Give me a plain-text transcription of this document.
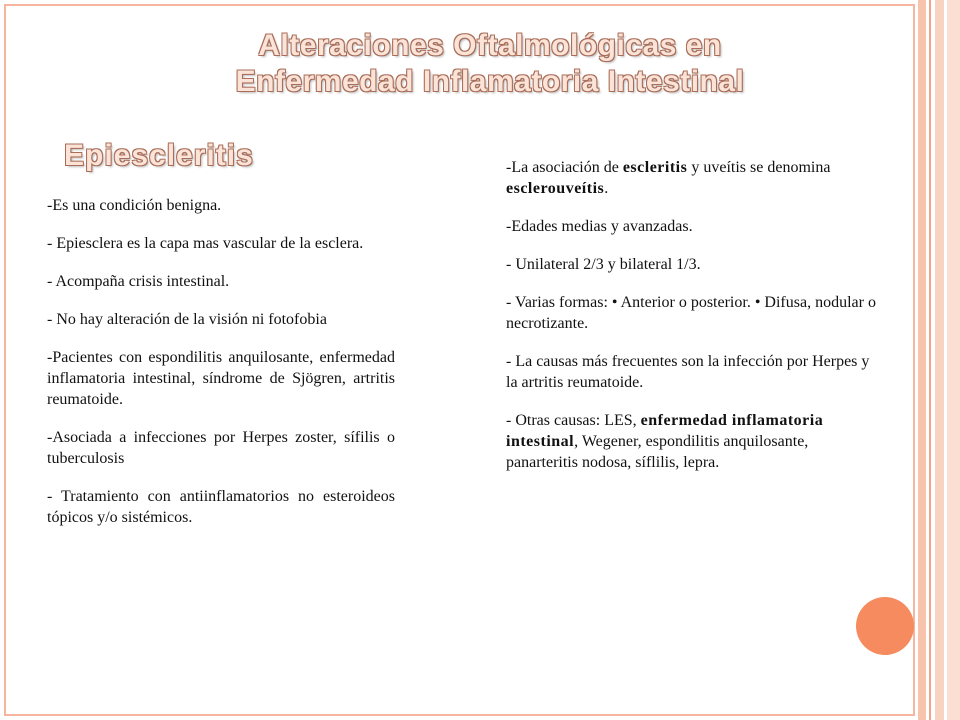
Alteraciones Oftalmológicas en
Enfermedad Inflamatoria Intestinal
Epiescleritis

-Es una condición benigna.

- Epiesclera es la capa mas vascular de la esclera.

- Acompaña crisis intestinal.

- No hay alteración de la visión ni fotofobia

-Pacientes con espondilitis anquilosante, enfermedad inflamatoria intestinal, síndrome de Sjögren, artritis reumatoide.

-Asociada a infecciones por Herpes zoster, sífilis o tuberculosis

- Tratamiento con antiinflamatorios no esteroideos tópicos y/o sistémicos.

-La asociación de escleritis y uveítis se denomina esclerouveítis.

-Edades medias y avanzadas.

- Unilateral 2/3 y bilateral 1/3.

- Varias formas: • Anterior o posterior. • Difusa, nodular o necrotizante.

- La causas más frecuentes son la infección por Herpes y la artritis reumatoide.

- Otras causas: LES, enfermedad inflamatoria intestinal, Wegener, espondilitis anquilosante, panarteritis nodosa, síflilis, lepra.
